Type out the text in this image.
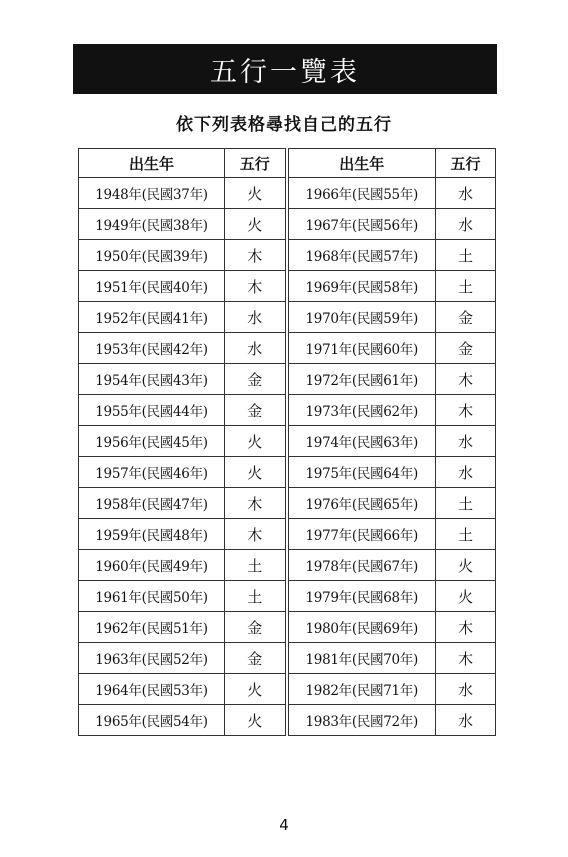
五行一覽表
依下列表格尋找自己的五行
出生年	五行	出生年	五行
1948年(民國37年)	火	1966年(民國55年)	水
1949年(民國38年)	火	1967年(民國56年)	水
1950年(民國39年)	木	1968年(民國57年)	土
1951年(民國40年)	木	1969年(民國58年)	土
1952年(民國41年)	水	1970年(民國59年)	金
1953年(民國42年)	水	1971年(民國60年)	金
1954年(民國43年)	金	1972年(民國61年)	木
1955年(民國44年)	金	1973年(民國62年)	木
1956年(民國45年)	火	1974年(民國63年)	水
1957年(民國46年)	火	1975年(民國64年)	水
1958年(民國47年)	木	1976年(民國65年)	土
1959年(民國48年)	木	1977年(民國66年)	土
1960年(民國49年)	土	1978年(民國67年)	火
1961年(民國50年)	土	1979年(民國68年)	火
1962年(民國51年)	金	1980年(民國69年)	木
1963年(民國52年)	金	1981年(民國70年)	木
1964年(民國53年)	火	1982年(民國71年)	水
1965年(民國54年)	火	1983年(民國72年)	水
4
